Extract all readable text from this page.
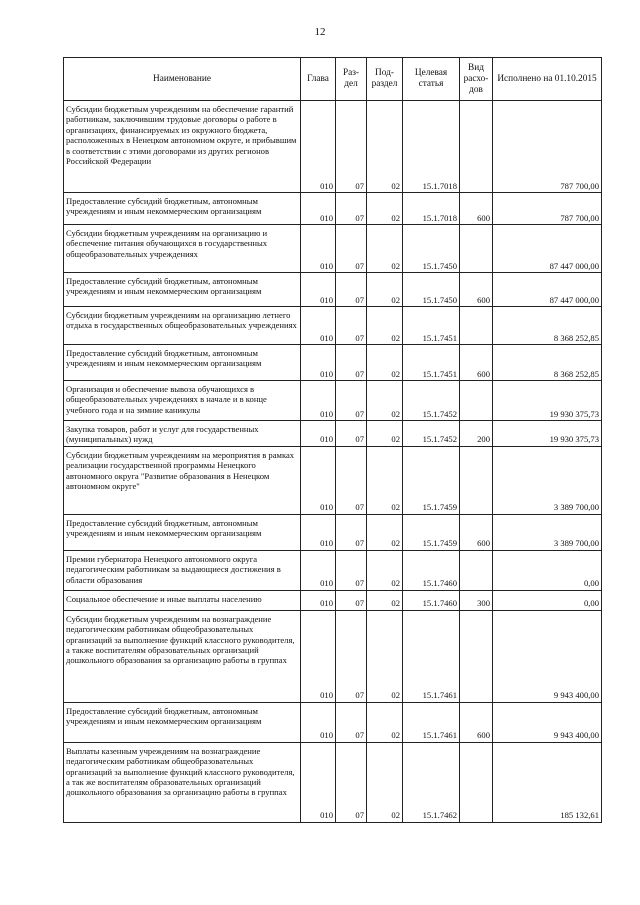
12
Наименование	Глава	Раз-дел	Под-раздел	Целевая статья	Вид расхо-дов	Исполнено на 01.10.2015
Субсидии бюджетным учреждениям на обеспечение гарантий работникам, заключившим трудовые договоры о работе в организациях, финансируемых из окружного бюджета, расположенных в Ненецком автономном округе, и прибывшим в соответствии с этими договорами из других регионов Российской Федерации	010	07	02	15.1.7018		787 700,00
Предоставление субсидий бюджетным, автономным учреждениям и иным некоммерческим организациям	010	07	02	15.1.7018	600	787 700,00
Субсидии бюджетным учреждениям на организацию и обеспечение питания обучающихся в государственных общеобразовательных учреждениях	010	07	02	15.1.7450		87 447 000,00
Предоставление субсидий бюджетным, автономным учреждениям и иным некоммерческим организациям	010	07	02	15.1.7450	600	87 447 000,00
Субсидии бюджетным учреждениям на организацию летнего отдыха в государственных общеобразовательных учреждениях	010	07	02	15.1.7451		8 368 252,85
Предоставление субсидий бюджетным, автономным учреждениям и иным некоммерческим организациям	010	07	02	15.1.7451	600	8 368 252,85
Организация и обеспечение вывоза обучающихся в общеобразовательных учреждениях в начале и в конце учебного года и на зимние каникулы	010	07	02	15.1.7452		19 930 375,73
Закупка товаров, работ и услуг для государственных (муниципальных) нужд	010	07	02	15.1.7452	200	19 930 375,73
Субсидии бюджетным учреждениям на мероприятия в рамках реализации государственной программы Ненецкого автономного округа "Развитие образования в Ненецком автономном округе"	010	07	02	15.1.7459		3 389 700,00
Предоставление субсидий бюджетным, автономным учреждениям и иным некоммерческим организациям	010	07	02	15.1.7459	600	3 389 700,00
Премии губернатора Ненецкого автономного округа педагогическим работникам за выдающиеся достижения в области образования	010	07	02	15.1.7460		0,00
Социальное обеспечение и иные выплаты населению	010	07	02	15.1.7460	300	0,00
Субсидии бюджетным учреждениям на вознаграждение педагогическим работникам общеобразовательных организаций за выполнение функций классного руководителя, а также воспитателям образовательных организаций дошкольного образования за организацию работы в группах	010	07	02	15.1.7461		9 943 400,00
Предоставление субсидий бюджетным, автономным учреждениям и иным некоммерческим организациям	010	07	02	15.1.7461	600	9 943 400,00
Выплаты казенным учреждениям на вознаграждение педагогическим работникам общеобразовательных организаций за выполнение функций классного руководителя, а так же воспитателям образовательных организаций дошкольного образования за организацию работы в группах	010	07	02	15.1.7462		185 132,61
